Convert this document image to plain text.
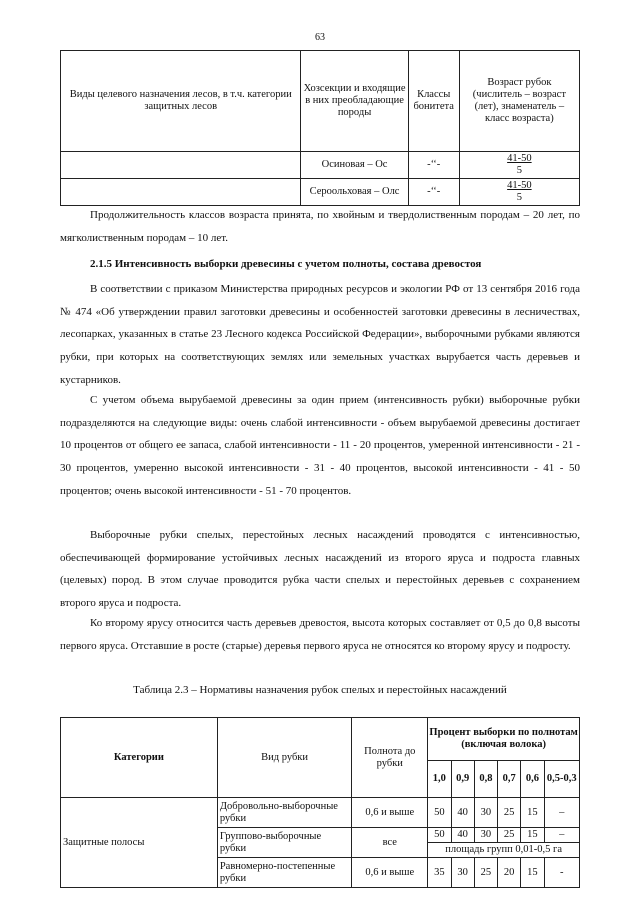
63
Виды целевого назначения лесов, в т.ч. категории защитных лесов	Хозсекции и входящие в них преобладающие породы	Классы бонитета	Возраст рубок (числитель – возраст (лет), знаменатель – класс возраста)
	Осиновая – Ос	-‘‘-	$\frac{41-50}{5}$

	Сероольховая – Олс	-‘‘-	$\frac{41-50}{5}$

Продолжительность классов возраста принята, по хвойным и твердолиственным породам – 20 лет, по мягколиственным породам – 10 лет.

2.1.5 Интенсивность выборки древесины с учетом полноты, состава древостоя

В соответствии с приказом Министерства природных ресурсов и экологии РФ от 13 сентября 2016 года № 474 «Об утверждении правил заготовки древесины и особенностей заготовки древесины в лесничествах, лесопарках, указанных в статье 23 Лесного кодекса Российской Федерации», выборочными рубками являются рубки, при которых на соответствующих землях или земельных участках вырубается часть деревьев и кустарников.

С учетом объема вырубаемой древесины за один прием (интенсивность рубки) выборочные рубки подразделяются на следующие виды: очень слабой интенсивности - объем вырубаемой древесины достигает 10 процентов от общего ее запаса, слабой интенсивности - 11 - 20 процентов, умеренной интенсивности - 21 - 30 процентов, умеренно высокой интенсивности - 31 - 40 процентов, высокой интенсивности - 41 - 50 процентов; очень высокой интенсивности - 51 - 70 процентов.

Выборочные рубки спелых, перестойных лесных насаждений проводятся с интенсивностью, обеспечивающей формирование устойчивых лесных насаждений из второго яруса и подроста главных (целевых) пород. В этом случае проводится рубка части спелых и перестойных деревьев с сохранением второго яруса и подроста.

Ко второму ярусу относится часть деревьев древостоя, высота которых составляет от 0,5 до 0,8 высоты первого яруса. Отставшие в росте (старые) деревья первого яруса не относятся ко второму ярусу и подросту.

Таблица 2.3 – Нормативы назначения рубок спелых и перестойных насаждений
Категории	Вид рубки	Полнота до рубки	Процент выборки по полнотам (включая волока)					
			1,0	0,9	0,8	0,7	0,6	0,5-0,3
Защитные полосы	Добровольно-выборочные рубки	0,6 и выше	50	40	30	25	15	–
	Группово-выборочные рубки	все	50	40	30	25	15	–
			площадь групп 0,01-0,5 га					
	Равномерно-постепенные рубки	0,6 и выше	35	30	25	20	15	-
